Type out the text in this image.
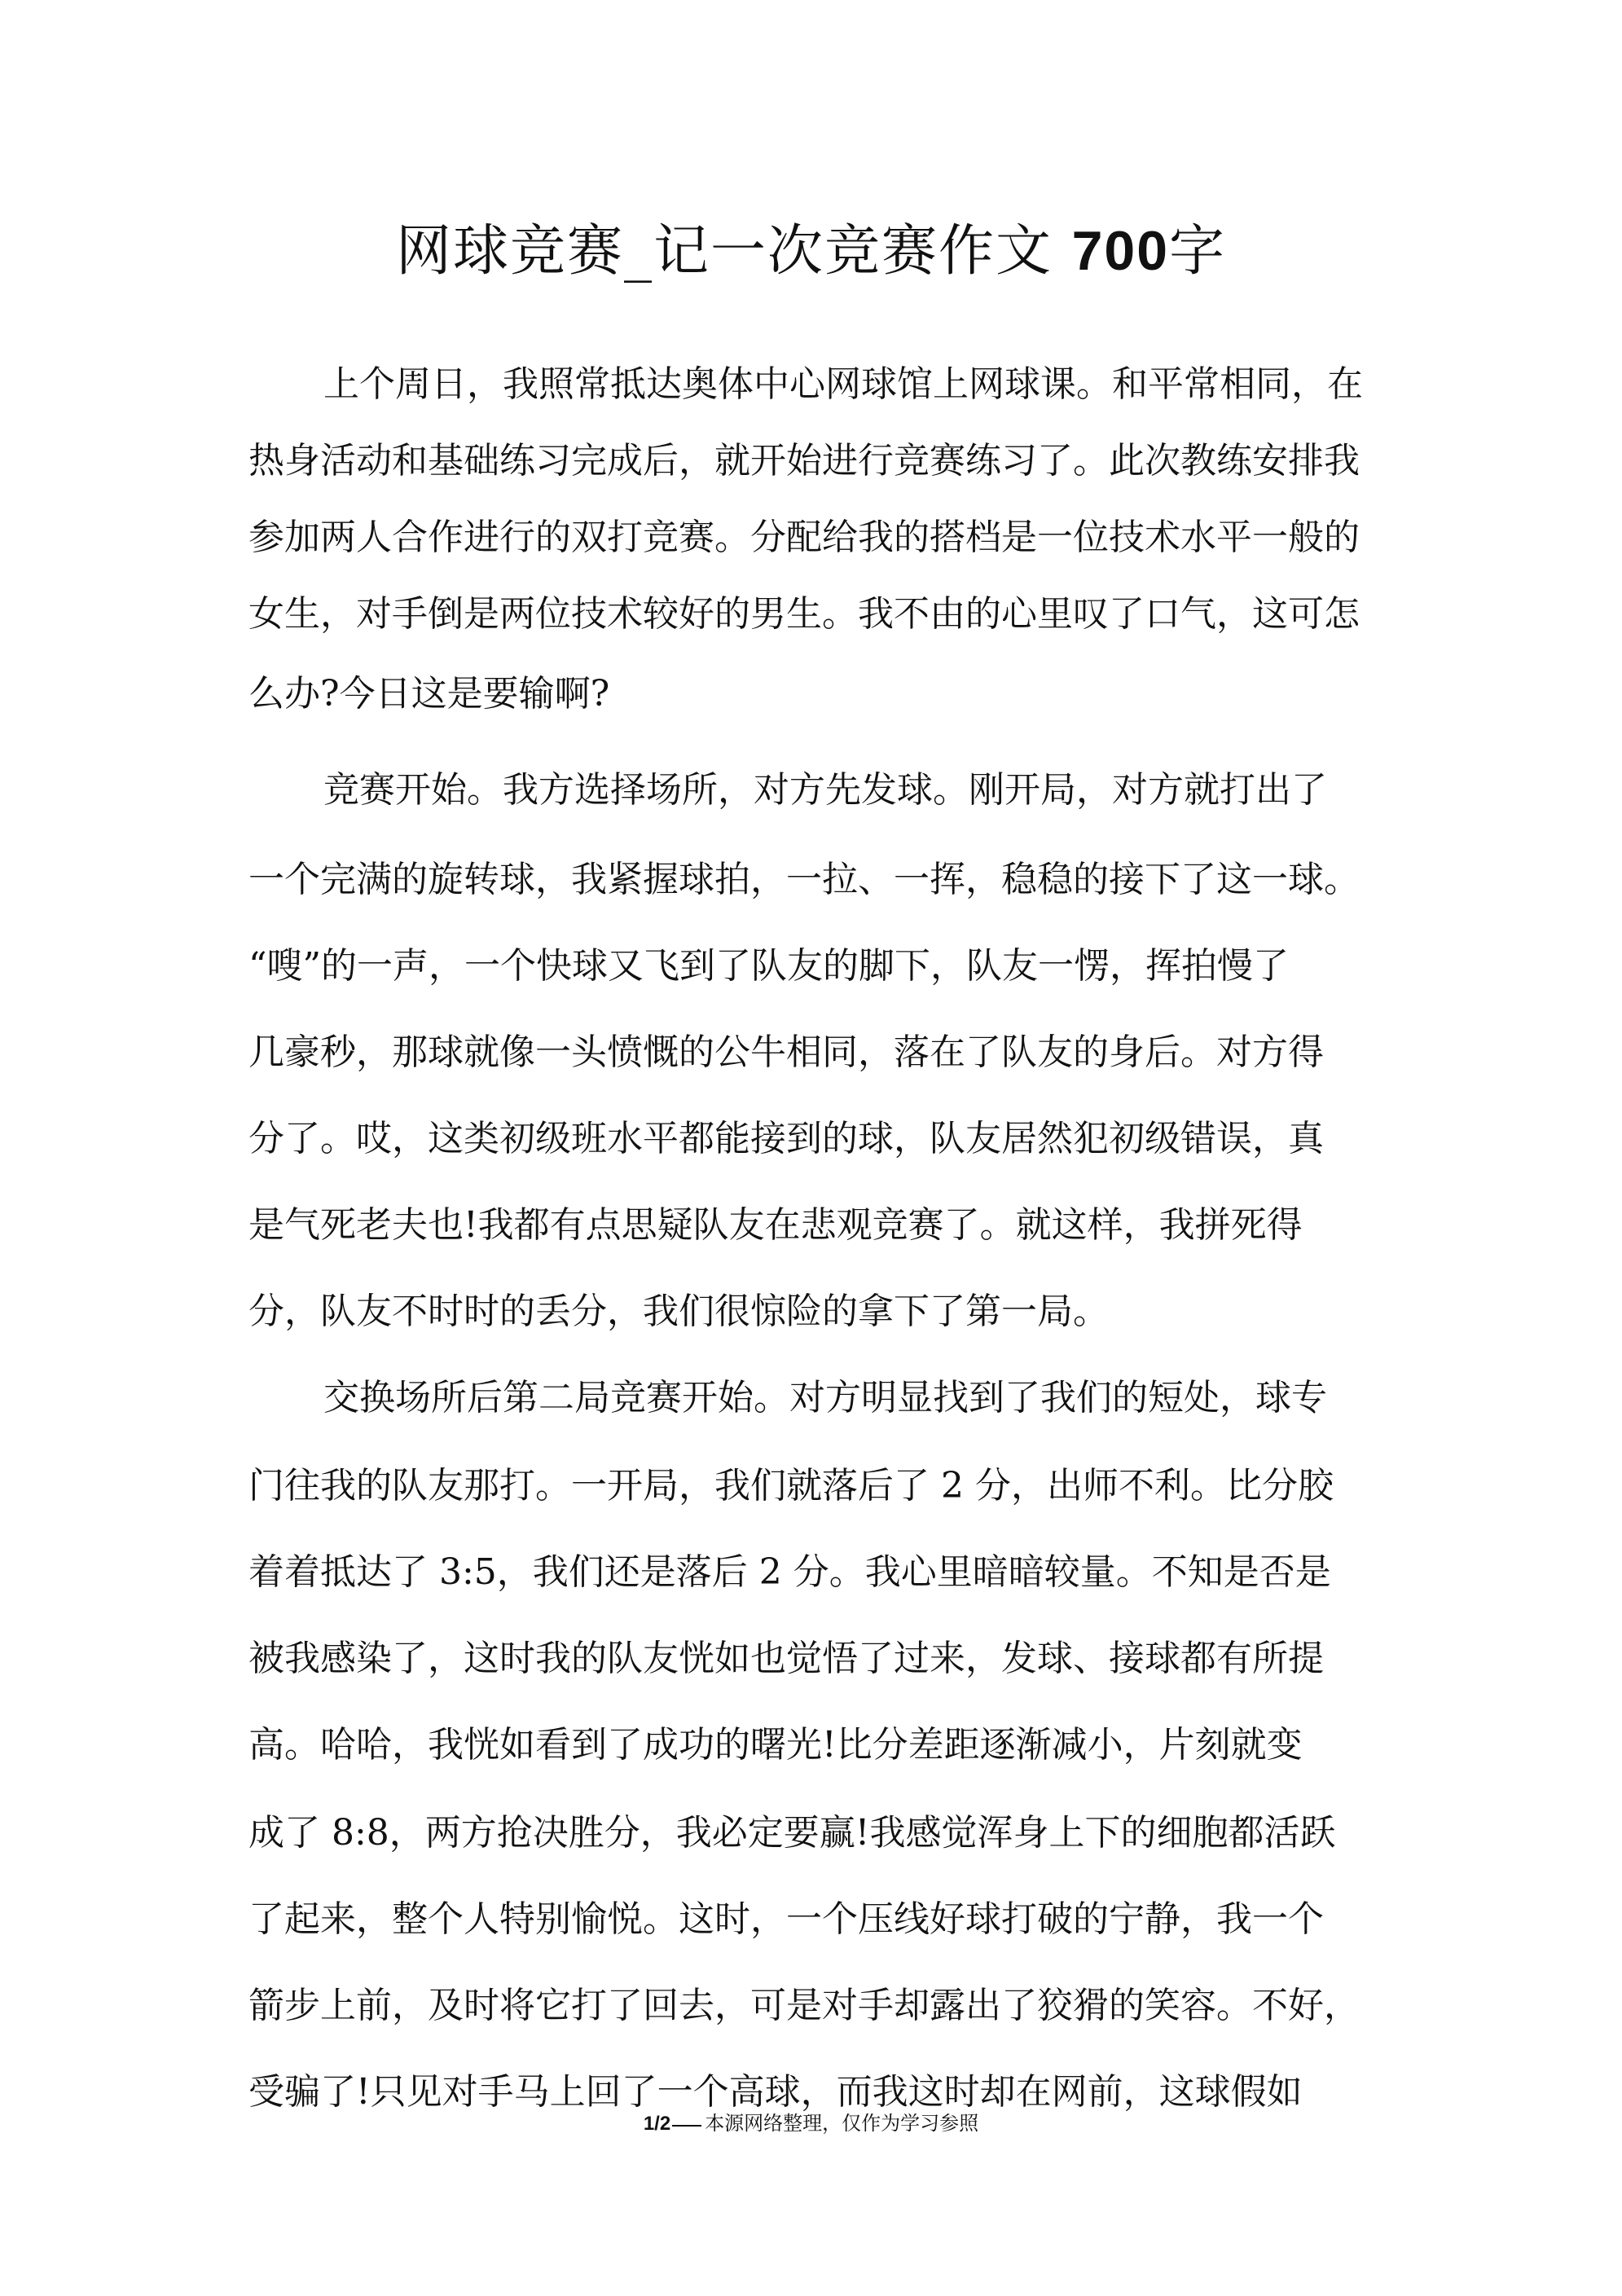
网球竞赛_记一次竞赛作文 700字

上个周日，我照常抵达奥体中心网球馆上网球课。和平常相同，在

热身活动和基础练习完成后，就开始进行竞赛练习了。此次教练安排我

参加两人合作进行的双打竞赛。分配给我的搭档是一位技术水平一般的

女生，对手倒是两位技术较好的男生。我不由的心里叹了口气，这可怎

么办?今日这是要输啊?

竞赛开始。我方选择场所，对方先发球。刚开局，对方就打出了

一个完满的旋转球，我紧握球拍，一拉、一挥，稳稳的接下了这一球。

“嗖”的一声，一个快球又飞到了队友的脚下，队友一愣，挥拍慢了

几豪秒，那球就像一头愤慨的公牛相同，落在了队友的身后。对方得

分了。哎，这类初级班水平都能接到的球，队友居然犯初级错误，真

是气死老夫也!我都有点思疑队友在悲观竞赛了。就这样，我拼死得

分，队友不时时的丢分，我们很惊险的拿下了第一局。

交换场所后第二局竞赛开始。对方明显找到了我们的短处，球专

门往我的队友那打。一开局，我们就落后了 2 分，出师不利。比分胶

着着抵达了 3:5，我们还是落后 2 分。我心里暗暗较量。不知是否是

被我感染了，这时我的队友恍如也觉悟了过来，发球、接球都有所提

高。哈哈，我恍如看到了成功的曙光!比分差距逐渐减小，片刻就变

成了 8:8，两方抢决胜分，我必定要赢!我感觉浑身上下的细胞都活跃

了起来，整个人特别愉悦。这时，一个压线好球打破的宁静，我一个

箭步上前，及时将它打了回去，可是对手却露出了狡猾的笑容。不好，

受骗了!只见对手马上回了一个高球，而我这时却在网前，这球假如

1/2 本源网络整理，仅作为学习参照
